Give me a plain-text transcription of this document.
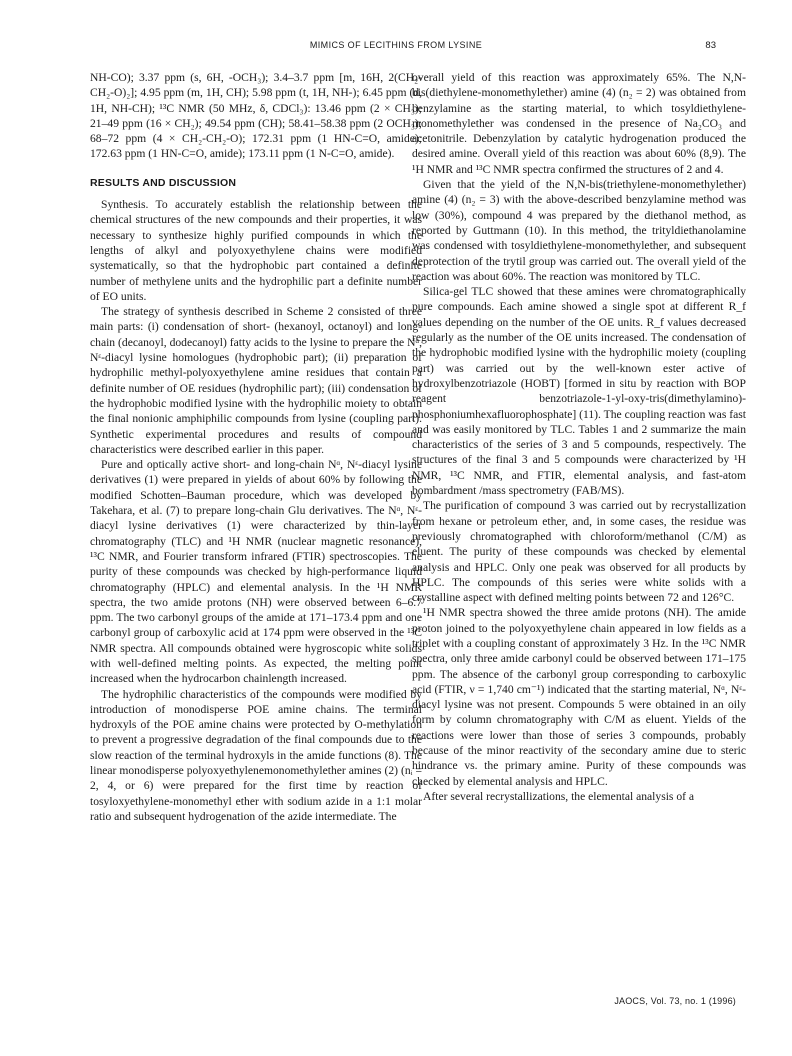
MIMICS OF LECITHINS FROM LYSINE	83

NH-CO); 3.37 ppm (s, 6H, -OCH₃); 3.4–3.7 ppm [m, 16H, 2(CH₂-CH₂-O)₂]; 4.95 ppm (m, 1H, CH); 5.98 ppm (t, 1H, NH-); 6.45 ppm (d, 1H, NH-CH); ¹³C NMR (50 MHz, δ, CDCl₃): 13.46 ppm (2 × CH₃); 21–49 ppm (16 × CH₂); 49.54 ppm (CH); 58.41–58.38 ppm (2 OCH₃); 68–72 ppm (4 × CH₂-CH₂-O); 172.31 ppm (1 HN-C=O, amide); 172.63 ppm (1 HN-C=O, amide); 173.11 ppm (1 N-C=O, amide).

RESULTS AND DISCUSSION

Synthesis. To accurately establish the relationship between the chemical structures of the new compounds and their properties, it was necessary to synthesize highly purified compounds in which the lengths of alkyl and polyoxyethylene chains were modified systematically, so that the hydrophobic part contained a definite number of methylene units and the hydrophilic part a definite number of EO units.

The strategy of synthesis described in Scheme 2 consisted of three main parts: (i) condensation of short- (hexanoyl, octanoyl) and long-chain (decanoyl, dodecanoyl) fatty acids to the lysine to prepare the Nᵅ, Nᵋ-diacyl lysine homologues (hydrophobic part); (ii) preparation of hydrophilic methyl-polyoxyethylene amine residues that contain a definite number of OE residues (hydrophilic part); (iii) condensation of the hydrophobic modified lysine with the hydrophilic moiety to obtain the final nonionic amphiphilic compounds from lysine (coupling part). Synthetic experimental procedures and results of compound characteristics were described earlier in this paper.

Pure and optically active short- and long-chain Nᵅ, Nᵋ-diacyl lysine derivatives (1) were prepared in yields of about 60% by following the modified Schotten–Bauman procedure, which was developed by Takehara, et al. (7) to prepare long-chain Glu derivatives. The Nᵅ, Nᵋ-diacyl lysine derivatives (1) were characterized by thin-layer chromatography (TLC) and ¹H NMR (nuclear magnetic resonance), ¹³C NMR, and Fourier transform infrared (FTIR) spectroscopies. The purity of these compounds was checked by high-performance liquid chromatography (HPLC) and elemental analysis. In the ¹H NMR spectra, the two amide protons (NH) were observed between 6–6.7 ppm. The two carbonyl groups of the amide at 171–173.4 ppm and one carbonyl group of carboxylic acid at 174 ppm were observed in the ¹³C NMR spectra. All compounds obtained were hygroscopic white solids with well-defined melting points. As expected, the melting point increased when the hydrocarbon chainlength increased.

The hydrophilic characteristics of the compounds were modified by introduction of monodisperse POE amine chains. The terminal hydroxyls of the POE amine chains were protected by O-methylation to prevent a progressive degradation of the final compounds due to the slow reaction of the terminal hydroxyls in the amide functions (8). The linear monodisperse polyoxyethylenemonomethylether amines (2) (nᵢ = 2, 4, or 6) were prepared for the first time by reaction of tosyloxyethylene-monomethyl ether with sodium azide in a 1:1 molar ratio and subsequent hydrogenation of the azide intermediate. The

overall yield of this reaction was approximately 65%. The N,N-bis(diethylene-monomethylether) amine (4) (n₂ = 2) was obtained from benzylamine as the starting material, to which tosyldiethylene-monomethylether was condensed in the presence of Na₂CO₃ and acetonitrile. Debenzylation by catalytic hydrogenation produced the desired amine. Overall yield of this reaction was about 60% (8,9). The ¹H NMR and ¹³C NMR spectra confirmed the structures of 2 and 4.

Given that the yield of the N,N-bis(triethylene-monomethylether) amine (4) (n₂ = 3) with the above-described benzylamine method was low (30%), compound 4 was prepared by the diethanol method, as reported by Guttmann (10). In this method, the trityldiethanolamine was condensed with tosyldiethylene-monomethylether, and subsequent deprotection of the trytil group was carried out. The overall yield of the reaction was about 60%. The reaction was monitored by TLC.

Silica-gel TLC showed that these amines were chromatographically pure compounds. Each amine showed a single spot at different R_f values depending on the number of the OE units. R_f values decreased regularly as the number of the OE units increased. The condensation of the hydrophobic modified lysine with the hydrophilic moiety (coupling part) was carried out by the well-known ester active of hydroxylbenzotriazole (HOBT) [formed in situ by reaction with BOP reagent benzotriazole-1-yl-oxy-tris(dimethylamino)-phosphoniumhexafluorophosphate] (11). The coupling reaction was fast and was easily monitored by TLC. Tables 1 and 2 summarize the main characteristics of the series of 3 and 5 compounds, respectively. The structures of the final 3 and 5 compounds were characterized by ¹H NMR, ¹³C NMR, and FTIR, elemental analysis, and fast-atom bombardment /mass spectrometry (FAB/MS).

The purification of compound 3 was carried out by recrystallization from hexane or petroleum ether, and, in some cases, the residue was previously chromatographed with chloroform/methanol (C/M) as eluent. The purity of these compounds was checked by elemental analysis and HPLC. Only one peak was observed for all products by HPLC. The compounds of this series were white solids with a crystalline aspect with defined melting points between 72 and 126°C.

¹H NMR spectra showed the three amide protons (NH). The amide proton joined to the polyoxyethylene chain appeared in low fields as a triplet with a coupling constant of approximately 3 Hz. In the ¹³C NMR spectra, only three amide carbonyl could be observed between 171–175 ppm. The absence of the carbonyl group corresponding to carboxylic acid (FTIR, ν = 1,740 cm⁻¹) indicated that the starting material, Nᵅ, Nᵋ-diacyl lysine was not present. Compounds 5 were obtained in an oily form by column chromatography with C/M as eluent. Yields of the reactions were lower than those of series 3 compounds, probably because of the minor reactivity of the secondary amine due to steric hindrance vs. the primary amine. Purity of these compounds was checked by elemental analysis and HPLC.

After several recrystallizations, the elemental analysis of a

JAOCS, Vol. 73, no. 1 (1996)
